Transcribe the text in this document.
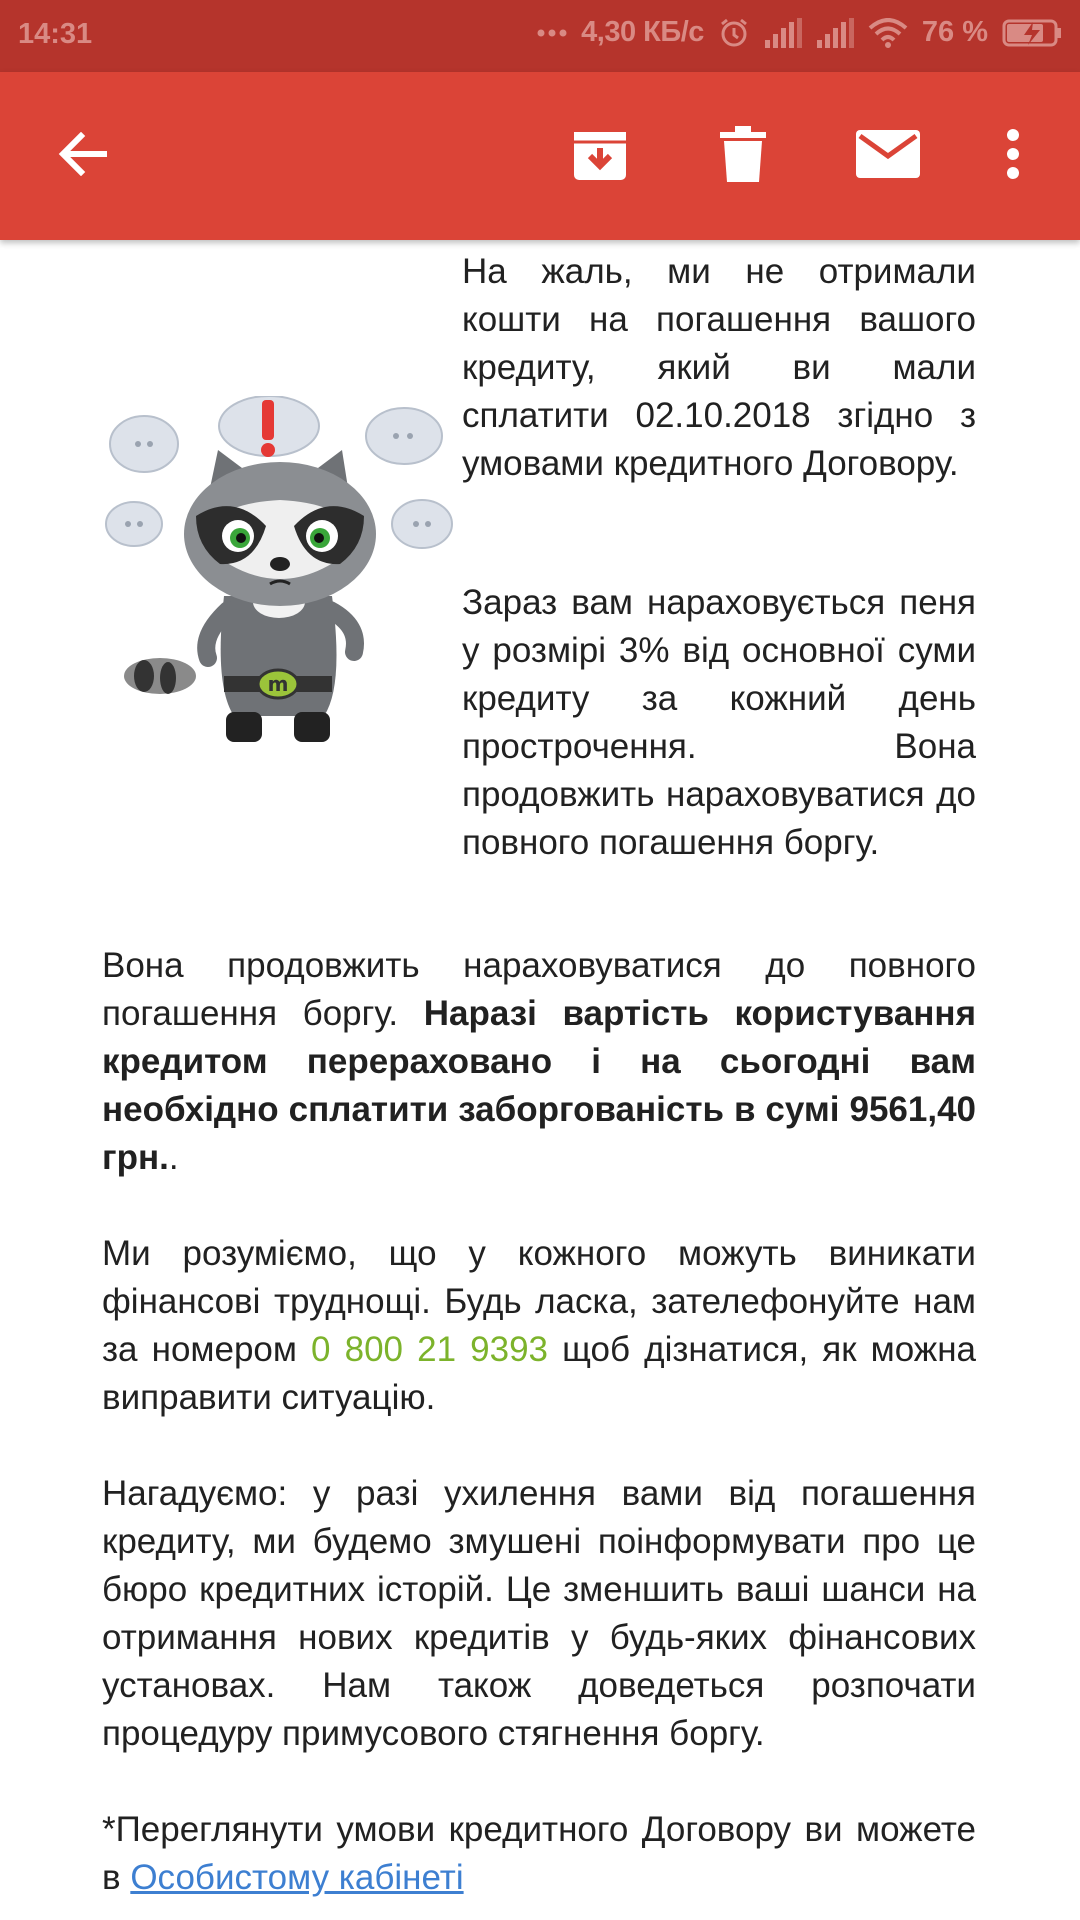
14:31	4,30 КБ/с	76 %
m

На жаль, ми не отримали кошти на погашення вашого кредиту, який ви мали сплатити 02.10.2018 згідно з умовами кредитного Договору.

Зараз вам нараховується пеня у розмірі 3% від основної суми кредиту за кожний день прострочення. Вона продовжить нараховуватися до повного погашення боргу.

Вона продовжить нараховуватися до повного погашення боргу. Наразі вартість користування кредитом перераховано і на сьогодні вам необхідно сплатити заборгованість в сумі 9561,40 грн..

Ми розуміємо, що у кожного можуть виникати фінансові труднощі. Будь ласка, зателефонуйте нам за номером 0 800 21 9393 щоб дізнатися, як можна виправити ситуацію.

Нагадуємо: у разі ухилення вами від погашення кредиту, ми будемо змушені поінформувати про це бюро кредитних історій. Це зменшить ваші шанси на отримання нових кредитів у будь-яких фінансових установах. Нам також доведеться розпочати процедуру примусового стягнення боргу.

*Переглянути умови кредитного Договору ви можете в Особистому кабінеті
